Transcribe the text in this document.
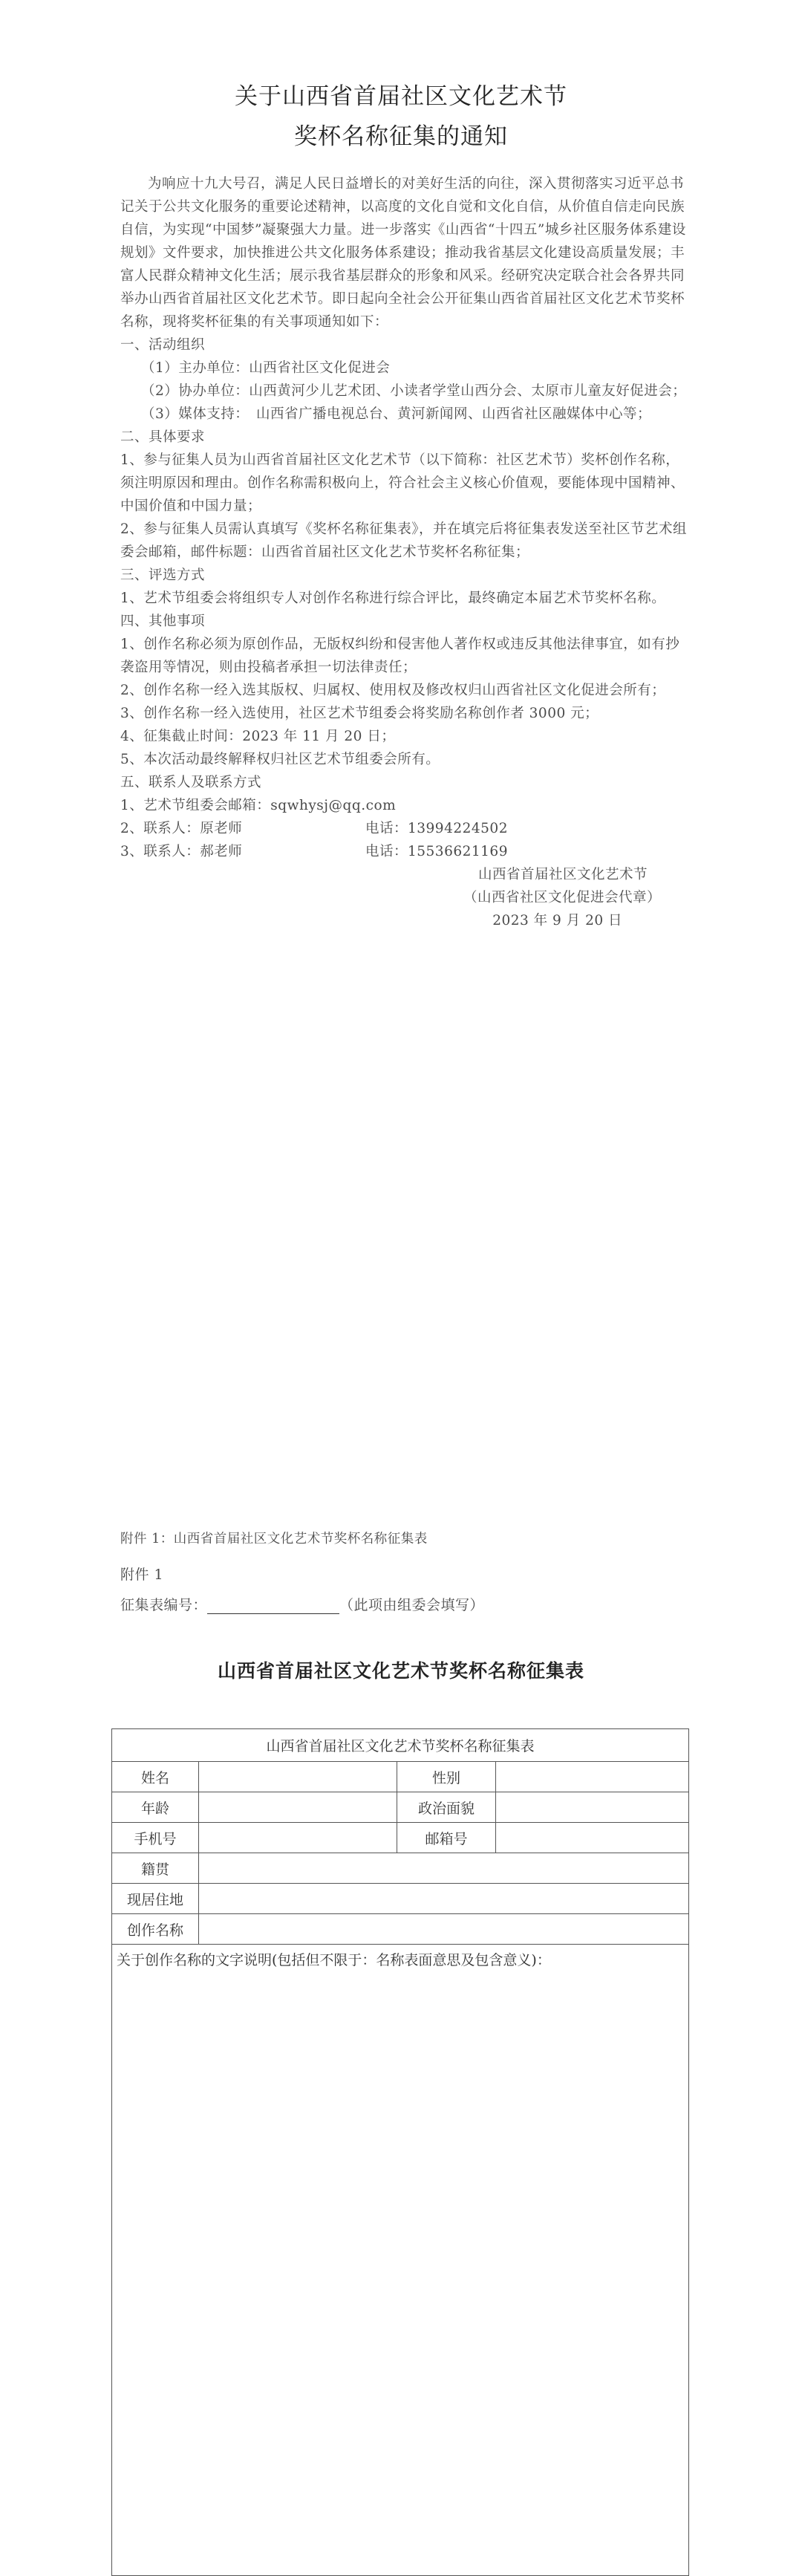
关于山西省首届社区文化艺术节
奖杯名称征集的通知

为响应十九大号召，满足人民日益增长的对美好生活的向往，深入贯彻落实习近平总书记关于公共文化服务的重要论述精神，以高度的文化自觉和文化自信，从价值自信走向民族自信，为实现“中国梦”凝聚强大力量。进一步落实《山西省“十四五”城乡社区服务体系建设规划》文件要求，加快推进公共文化服务体系建设；推动我省基层文化建设高质量发展；丰富人民群众精神文化生活；展示我省基层群众的形象和风采。经研究决定联合社会各界共同举办山西省首届社区文化艺术节。即日起向全社会公开征集山西省首届社区文化艺术节奖杯名称，现将奖杯征集的有关事项通知如下：

一、活动组织

（1）主办单位：山西省社区文化促进会

（2）协办单位：山西黄河少儿艺术团、小读者学堂山西分会、太原市儿童友好促进会；

（3）媒体支持：　山西省广播电视总台、黄河新闻网、山西省社区融媒体中心等；

二、具体要求

1、参与征集人员为山西省首届社区文化艺术节（以下简称：社区艺术节）奖杯创作名称，须注明原因和理由。创作名称需积极向上，符合社会主义核心价值观，要能体现中国精神、中国价值和中国力量；

2、参与征集人员需认真填写《奖杯名称征集表》，并在填完后将征集表发送至社区节艺术组委会邮箱，邮件标题：山西省首届社区文化艺术节奖杯名称征集；

三、评选方式

1、艺术节组委会将组织专人对创作名称进行综合评比，最终确定本届艺术节奖杯名称。

四、其他事项

1、创作名称必须为原创作品，无版权纠纷和侵害他人著作权或违反其他法律事宜，如有抄袭盗用等情况，则由投稿者承担一切法律责任；

2、创作名称一经入选其版权、归属权、使用权及修改权归山西省社区文化促进会所有；

3、创作名称一经入选使用，社区艺术节组委会将奖励名称创作者 3000 元；

4、征集截止时间：2023 年 11 月 20 日；

5、本次活动最终解释权归社区艺术节组委会所有。

五、联系人及联系方式

1、艺术节组委会邮箱：sqwhysj@qq.com

2、联系人：原老师	电话：13994224502

3、联系人：郝老师	电话：15536621169

山西省首届社区文化艺术节

（山西省社区文化促进会代章）

2023 年 9 月 20 日

附件 1：山西省首届社区文化艺术节奖杯名称征集表
附件 1
征集表编号：	（此项由组委会填写）
山西省首届社区文化艺术节奖杯名称征集表
山西省首届社区文化艺术节奖杯名称征集表			
姓名		性别	
年龄		政治面貌	
手机号		邮箱号	
籍贯			
现居住地			
创作名称			
关于创作名称的文字说明(包括但不限于：名称表面意思及包含意义)：			
